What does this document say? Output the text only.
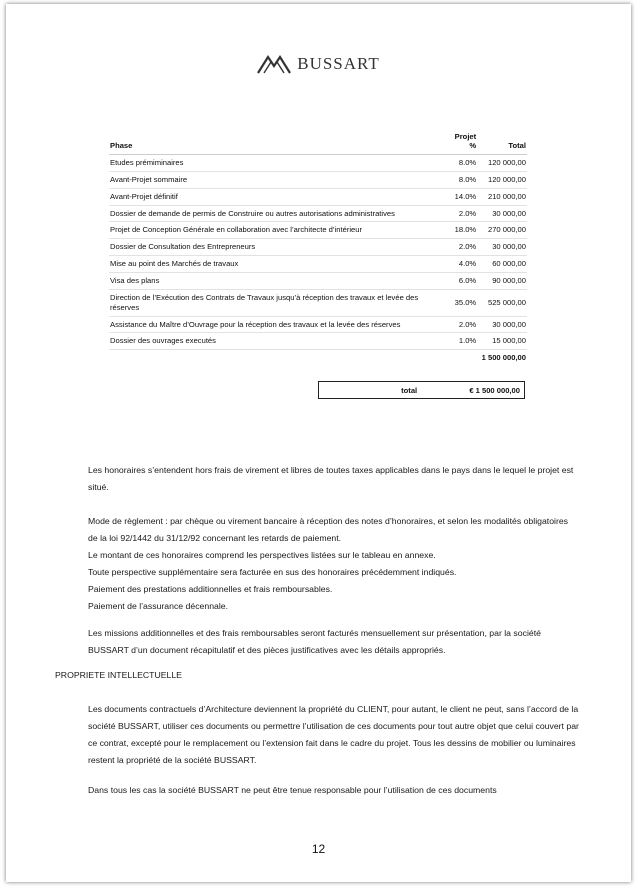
BUSSART
Phase	Projet %	Total
Etudes prémiminaires	8.0%	120 000,00
Avant-Projet sommaire	8.0%	120 000,00
Avant-Projet définitif	14.0%	210 000,00
Dossier de demande de permis de Construire ou autres autorisations administratives	2.0%	30 000,00
Projet de Conception Générale en collaboration avec l’architecte d’intérieur	18.0%	270 000,00
Dossier de Consultation des Entrepreneurs	2.0%	30 000,00
Mise au point des Marchés de travaux	4.0%	60 000,00
Visa des plans	6.0%	90 000,00
Direction de l’Exécution des Contrats de Travaux jusqu’à réception des travaux et levée des réserves	35.0%	525 000,00
Assistance du Maître d’Ouvrage pour la réception des travaux et la levée des réserves	2.0%	30 000,00
Dossier des ouvrages executés	1.0%	15 000,00
		1 500 000,00
total	€ 1 500 000,00

Les honoraires s’entendent hors frais de virement et libres de toutes taxes applicables dans le pays dans le lequel le projet est situé.

Mode de règlement : par chèque ou virement bancaire à réception des notes d’honoraires, et selon les modalités obligatoires de la loi 92/1442 du 31/12/92 concernant les retards de paiement.

Le montant de ces honoraires comprend les perspectives listées sur le tableau en annexe.

Toute perspective supplémentaire sera facturée en sus des honoraires précédemment indiqués.

Paiement des prestations additionnelles et frais remboursables.

Paiement de l’assurance décennale.

Les missions additionnelles et des frais remboursables seront facturés mensuellement sur présentation, par la société BUSSART d’un document récapitulatif et des pièces justificatives avec les détails appropriés.

PROPRIETE INTELLECTUELLE

Les documents contractuels d’Architecture deviennent la propriété du CLIENT, pour autant, le client ne peut, sans l’accord de la société BUSSART, utiliser ces documents ou permettre l’utilisation de ces documents pour tout autre objet que celui couvert par ce contrat, excepté pour le remplacement ou l’extension fait dans le cadre du projet. Tous les dessins de mobilier ou luminaires restent la propriété de la société BUSSART.

Dans tous les cas la société BUSSART ne peut être tenue responsable pour l’utilisation de ces documents

12
